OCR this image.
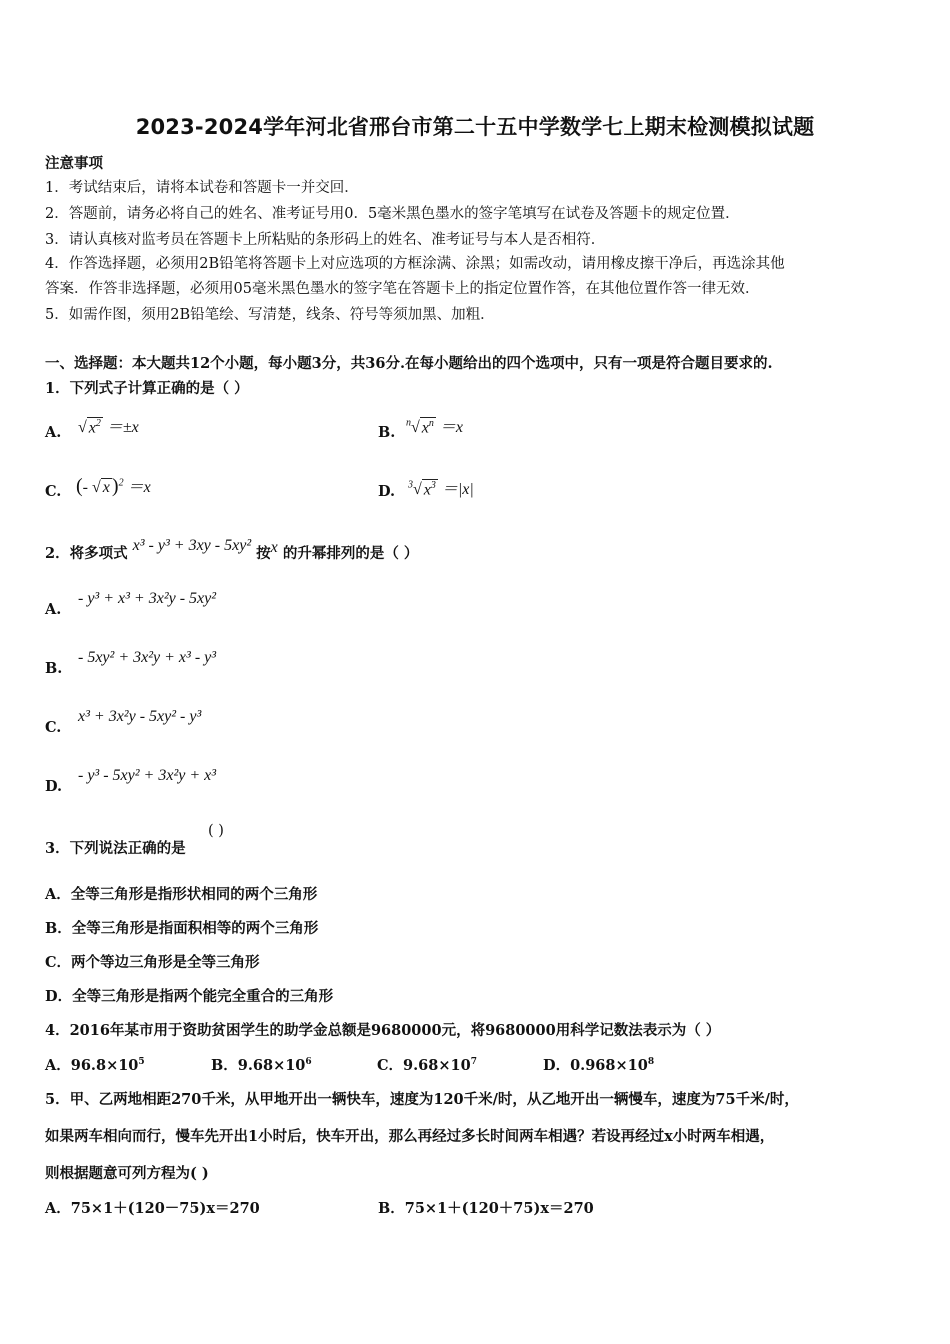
2023-2024学年河北省邢台市第二十五中学数学七上期末检测模拟试题
注意事项
1．考试结束后，请将本试卷和答题卡一并交回．
2．答题前，请务必将自己的姓名、准考证号用0．5毫米黑色墨水的签字笔填写在试卷及答题卡的规定位置．
3．请认真核对监考员在答题卡上所粘贴的条形码上的姓名、准考证号与本人是否相符．
4．作答选择题，必须用2B铅笔将答题卡上对应选项的方框涂满、涂黑；如需改动，请用橡皮擦干净后，再选涂其他
答案．作答非选择题，必须用05毫米黑色墨水的签字笔在答题卡上的指定位置作答，在其他位置作答一律无效．
5．如需作图，须用2B铅笔绘、写清楚，线条、符号等须加黑、加粗．
一、选择题：本大题共12个小题，每小题3分，共36分.在每小题给出的四个选项中，只有一项是符合题目要求的.
1．下列式子计算正确的是（ ）
A. √ $x^2 =\pm x$	B.
$^n$√ $x^n =x$
C. (- √ x )$^2$ ＝x	D. $^3$√ $x^3 =|x|$
2．将多项式 x³ - y³ + 3xy - 5xy² 按x 的升幂排列的是（ ）
A.
- y³ + x³ + 3x²y - 5xy²
B.
- 5xy² + 3x²y + x³ - y³
C.
x³ + 3x²y - 5xy² - y³
D.
- y³ - 5xy² + 3x²y + x³
3．下列说法正确的是
( )
A．全等三角形是指形状相同的两个三角形
B．全等三角形是指面积相等的两个三角形
C．两个等边三角形是全等三角形
D．全等三角形是指两个能完全重合的三角形
4．2016年某市用于资助贫困学生的助学金总额是9680000元，将9680000用科学记数法表示为（ ）
A．$96.8\times 10^5$	B．$9.68\times 10^6$	C．$9.68\times 10^7$	D．$0.968\times 10^8$
5．甲、乙两地相距270千米，从甲地开出一辆快车，速度为120千米/时，从乙地开出一辆慢车，速度为75千米/时，
如果两车相向而行，慢车先开出1小时后，快车开出，那么再经过多长时间两车相遇？若设再经过x小时两车相遇，
则根据题意可列方程为( )
A．75×1＋(120－75)x＝270	B．75×1＋(120＋75)x＝270
